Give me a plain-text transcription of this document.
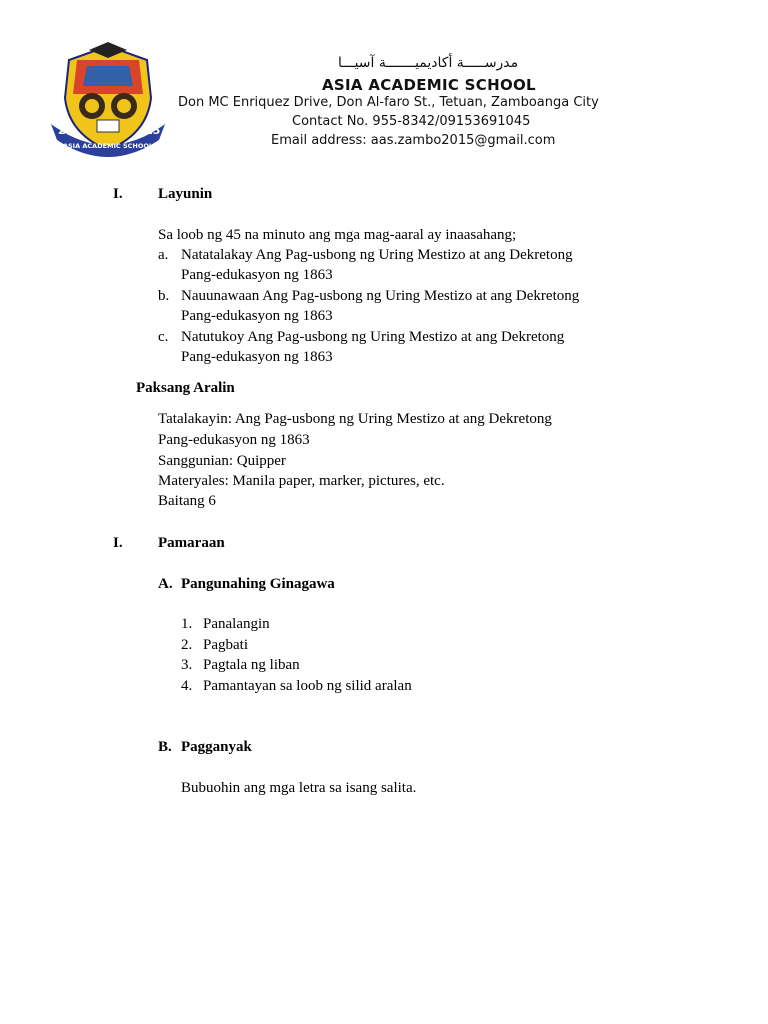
20	15
ASIA ACADEMIC SCHOOL
مدرســـــة أكاديميـــــــة آسيـــا
ASIA ACADEMIC SCHOOL
Don MC Enriquez Drive, Don Al-faro St., Tetuan, Zamboanga City
Contact No. 955-8342/09153691045
Email address: aas.zambo2015@gmail.com
I. Layunin
Sa loob ng 45 na minuto ang mga mag-aaral ay inaasahang;
a. Natatalakay Ang Pag-usbong ng Uring Mestizo at ang Dekretong
Pang-edukasyon ng 1863
b. Nauunawaan Ang Pag-usbong ng Uring Mestizo at ang Dekretong
Pang-edukasyon ng 1863
c. Natutukoy Ang Pag-usbong ng Uring Mestizo at ang Dekretong
Pang-edukasyon ng 1863
Paksang Aralin
Tatalakayin: Ang Pag-usbong ng Uring Mestizo at ang Dekretong
Pang-edukasyon ng 1863
Sanggunian: Quipper
Materyales: Manila paper, marker, pictures, etc.
Baitang 6
I. Pamaraan
A. Pangunahing Ginagawa
1. Panalangin
2. Pagbati
3. Pagtala ng liban
4. Pamantayan sa loob ng silid aralan
B. Pagganyak
Bubuohin ang mga letra sa isang salita.
